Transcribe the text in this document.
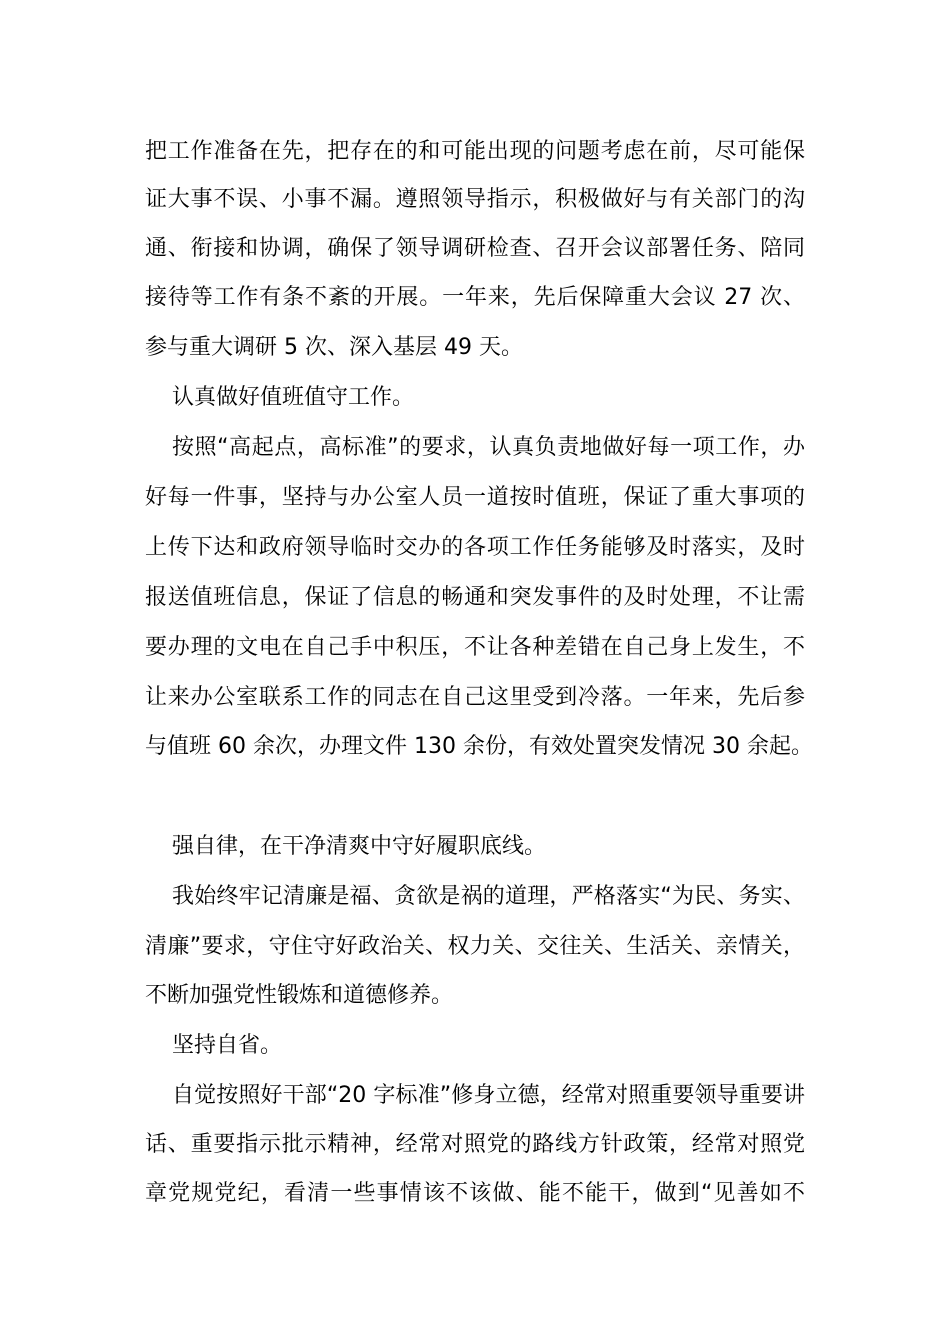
把工作准备在先，把存在的和可能出现的问题考虑在前，尽可能保
证大事不误、小事不漏。遵照领导指示，积极做好与有关部门的沟
通、衔接和协调，确保了领导调研检查、召开会议部署任务、陪同
接待等工作有条不紊的开展。一年来，先后保障重大会议 27 次、
参与重大调研 5 次、深入基层 49 天。
认真做好值班值守工作。
按照“高起点，高标准”的要求，认真负责地做好每一项工作，办
好每一件事，坚持与办公室人员一道按时值班，保证了重大事项的
上传下达和政府领导临时交办的各项工作任务能够及时落实，及时
报送值班信息，保证了信息的畅通和突发事件的及时处理，不让需
要办理的文电在自己手中积压，不让各种差错在自己身上发生，不
让来办公室联系工作的同志在自己这里受到冷落。一年来，先后参
与值班 60 余次，办理文件 130 余份，有效处置突发情况 30 余起。
强自律，在干净清爽中守好履职底线。
我始终牢记清廉是福、贪欲是祸的道理，严格落实“为民、务实、
清廉”要求，守住守好政治关、权力关、交往关、生活关、亲情关，
不断加强党性锻炼和道德修养。
坚持自省。
自觉按照好干部“20 字标准”修身立德，经常对照重要领导重要讲
话、重要指示批示精神，经常对照党的路线方针政策，经常对照党
章党规党纪，看清一些事情该不该做、能不能干，做到“见善如不
